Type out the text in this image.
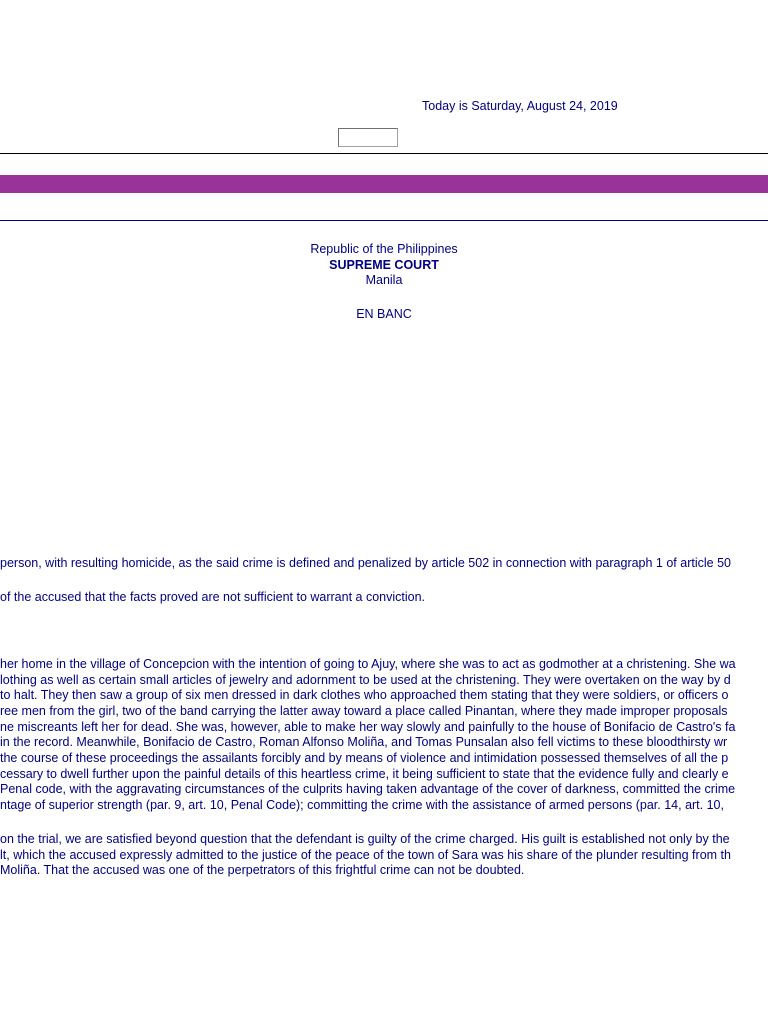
Today is Saturday, August 24, 2019
Republic of the Philippines
SUPREME COURT
Manila
EN BANC
person, with resulting homicide, as the said crime is defined and penalized by article 502 in connection with paragraph 1 of article 50
of the accused that the facts proved are not sufficient to warrant a conviction.
her home in the village of Concepcion with the intention of going to Ajuy, where she was to act as godmother at a christening. She wa
lothing as well as certain small articles of jewelry and adornment to be used at the christening. They were overtaken on the way by d
to halt. They then saw a group of six men dressed in dark clothes who approached them stating that they were soldiers, or officers o
ree men from the girl, two of the band carrying the latter away toward a place called Pinantan, where they made improper proposals
ne miscreants left her for dead. She was, however, able to make her way slowly and painfully to the house of Bonifacio de Castro's fa
in the record. Meanwhile, Bonifacio de Castro, Roman Alfonso Moliña, and Tomas Punsalan also fell victims to these bloodthirsty wr
the course of these proceedings the assailants forcibly and by means of violence and intimidation possessed themselves of all the p
cessary to dwell further upon the painful details of this heartless crime, it being sufficient to state that the evidence fully and clearly e
Penal code, with the aggravating circumstances of the culprits having taken advantage of the cover of darkness, committed the crime
ntage of superior strength (par. 9, art. 10, Penal Code); committing the crime with the assistance of armed persons (par. 14, art. 10,
on the trial, we are satisfied beyond question that the defendant is guilty of the crime charged. His guilt is established not only by the
lt, which the accused expressly admitted to the justice of the peace of the town of Sara was his share of the plunder resulting from th
Moliña. That the accused was one of the perpetrators of this frightful crime can not be doubted.
